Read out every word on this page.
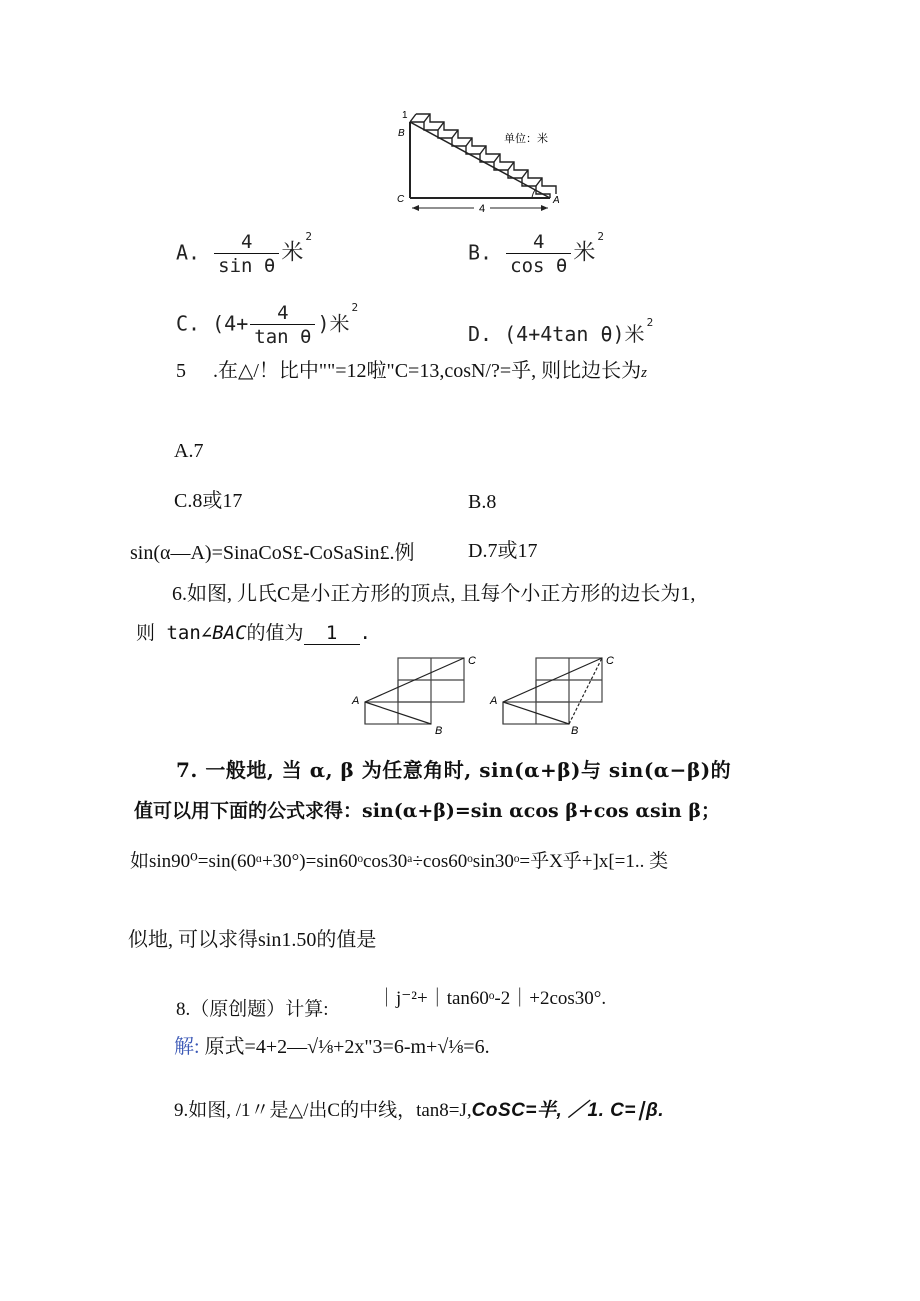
4
1
B
C	A
单位：米
A. $\frac{4}{\text{sin θ}}$ 米$^2$
B. $\frac{4}{\text{cos θ}}$ 米$^2$
C. ($4+ \frac{4}{\text{tan θ}}$ )米$^2$
D. (4+4tan θ)米 $^2$
5 .在△/！比中""=12啦"C=13,cosN/?=乎, 则比边长为z
A.7
C.8或17	B.8
sin(α—A)=SinaCoS£-CoSaSin£.例	D.7或17
6.如图, 儿氏C是小正方形的顶点, 且每个小正方形的边长为1,
则 tan∠BAC的值为 1 .
A
B
C
A
B
C
7. 一般地, 当 α, β 为任意角时, sin(α+β)与 sin(α−β)的
值可以用下面的公式求得：sin(α+β)=sin αcos β+cos αsin β；
如sin90⁰=sin(60ᵅ+30°)=sin60ᵒcos30ᵃ÷cos60ᵒsin30ᵒ=乎X乎+]x[=1.. 类
似地, 可以求得sin1.50的值是
8.（原创题）计算:
｜j⁻²+｜tan60ᵒ-2｜+2cos30°.
解: 原式=4+2—√⅛+2x"3=6-m+√⅛=6.
9.如图, /1〃是△/出C的中线，tan8=J,CoSC=半, ／1. C=∣β.
